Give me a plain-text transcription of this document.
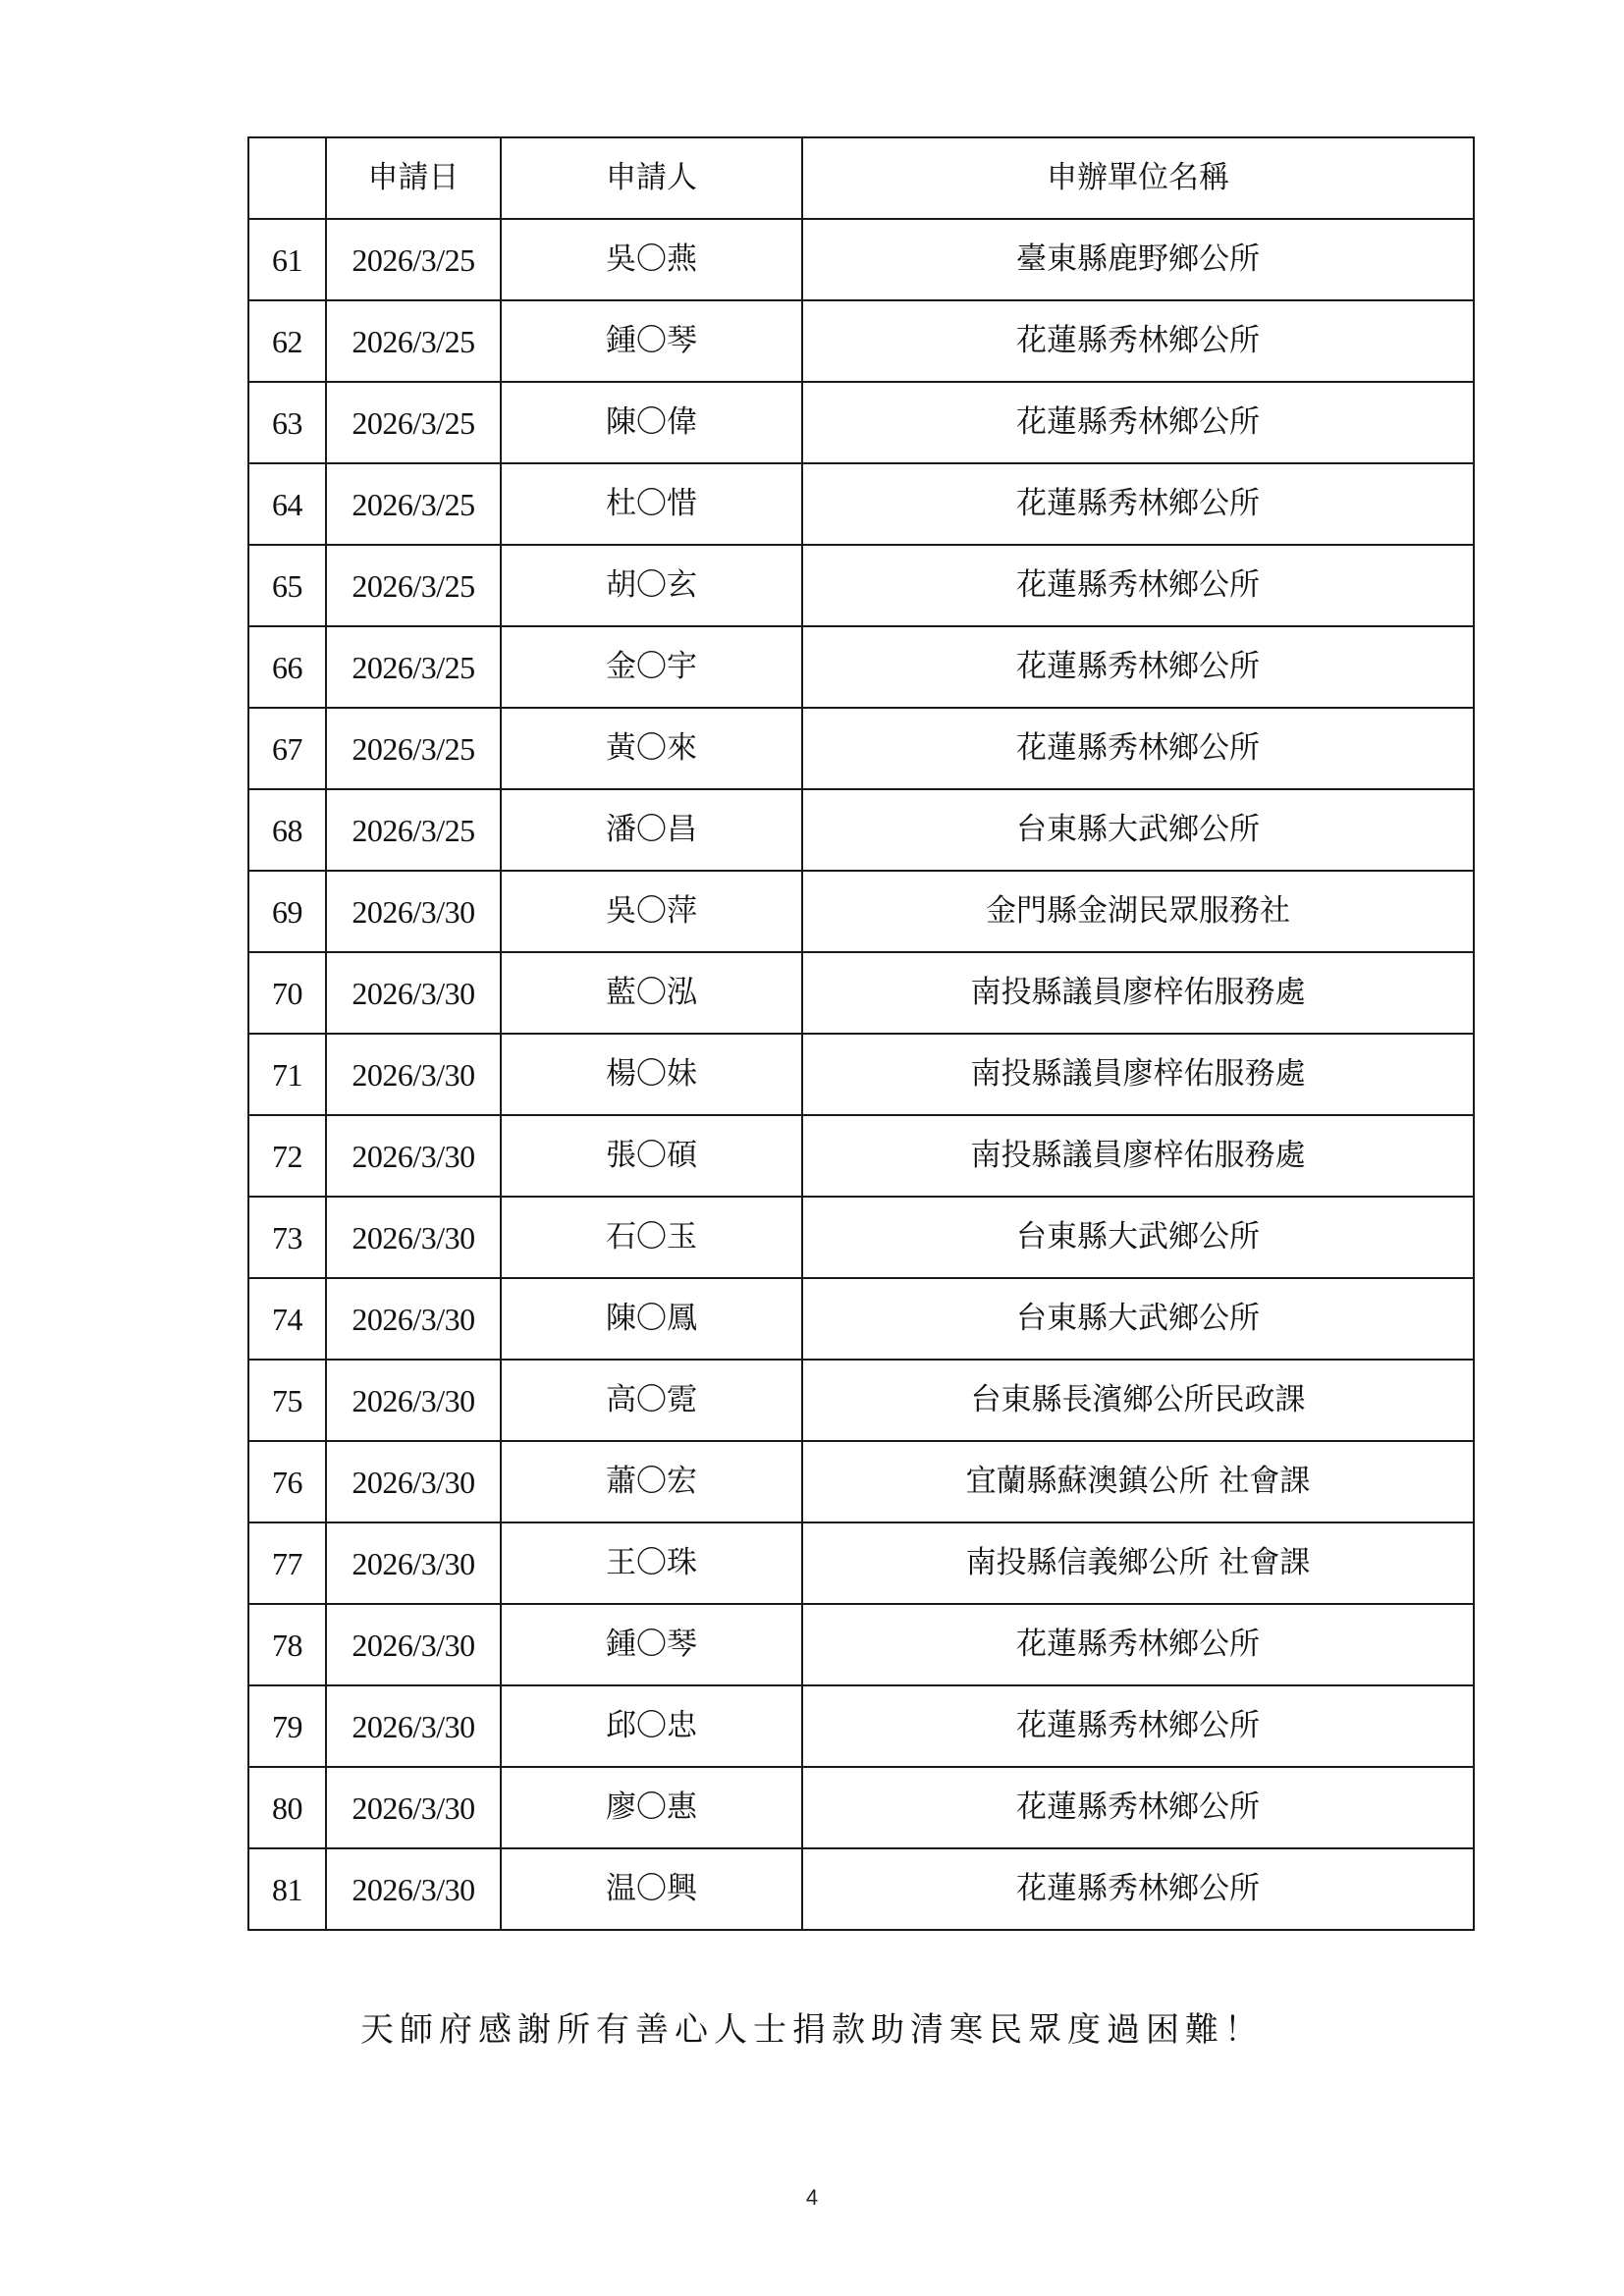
	申請日	申請人	申辦單位名稱
61	2026/3/25	吳〇燕	臺東縣鹿野鄉公所
62	2026/3/25	鍾〇琴	花蓮縣秀林鄉公所
63	2026/3/25	陳〇偉	花蓮縣秀林鄉公所
64	2026/3/25	杜〇惜	花蓮縣秀林鄉公所
65	2026/3/25	胡〇玄	花蓮縣秀林鄉公所
66	2026/3/25	金〇宇	花蓮縣秀林鄉公所
67	2026/3/25	黃〇來	花蓮縣秀林鄉公所
68	2026/3/25	潘〇昌	台東縣大武鄉公所
69	2026/3/30	吳〇萍	金門縣金湖民眾服務社
70	2026/3/30	藍〇泓	南投縣議員廖梓佑服務處
71	2026/3/30	楊〇妹	南投縣議員廖梓佑服務處
72	2026/3/30	張〇碩	南投縣議員廖梓佑服務處
73	2026/3/30	石〇玉	台東縣大武鄉公所
74	2026/3/30	陳〇鳳	台東縣大武鄉公所
75	2026/3/30	高〇霓	台東縣長濱鄉公所民政課
76	2026/3/30	蕭〇宏	宜蘭縣蘇澳鎮公所 社會課
77	2026/3/30	王〇珠	南投縣信義鄉公所 社會課
78	2026/3/30	鍾〇琴	花蓮縣秀林鄉公所
79	2026/3/30	邱〇忠	花蓮縣秀林鄉公所
80	2026/3/30	廖〇惠	花蓮縣秀林鄉公所
81	2026/3/30	温〇興	花蓮縣秀林鄉公所
天師府感謝所有善心人士捐款助清寒民眾度過困難！
4
